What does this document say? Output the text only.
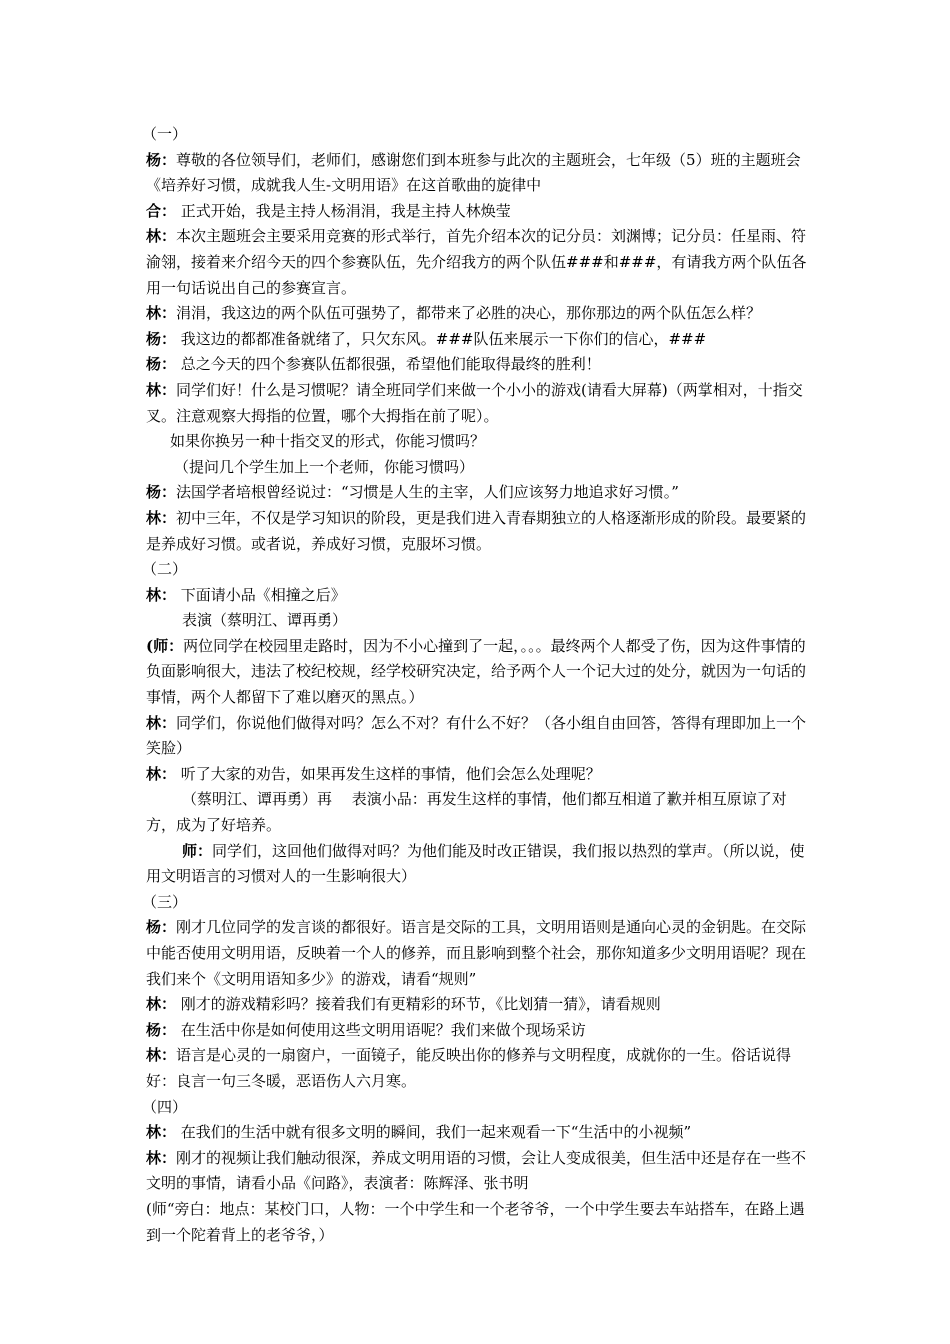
（一）

杨：尊敬的各位领导们，老师们，感谢您们到本班参与此次的主题班会，七年级（5）班的主题班会《培养好习惯，成就我人生-文明用语》在这首歌曲的旋律中

合： 正式开始，我是主持人杨涓涓，我是主持人林焕莹

林：本次主题班会主要采用竞赛的形式举行，首先介绍本次的记分员：刘渊博；记分员：任星雨、符渝翎，接着来介绍今天的四个参赛队伍，先介绍我方的两个队伍###和###，有请我方两个队伍各用一句话说出自己的参赛宣言。

林：涓涓，我这边的两个队伍可强势了，都带来了必胜的决心，那你那边的两个队伍怎么样？

杨： 我这边的都都准备就绪了，只欠东风。###队伍来展示一下你们的信心，###

杨： 总之今天的四个参赛队伍都很强，希望他们能取得最终的胜利！

林：同学们好！什么是习惯呢？请全班同学们来做一个小小的游戏(请看大屏幕)（两掌相对，十指交叉。注意观察大拇指的位置，哪个大拇指在前了呢）。

如果你换另一种十指交叉的形式，你能习惯吗？

（提问几个学生加上一个老师，你能习惯吗）

杨：法国学者培根曾经说过：“习惯是人生的主宰，人们应该努力地追求好习惯。”

林：初中三年，不仅是学习知识的阶段，更是我们进入青春期独立的人格逐渐形成的阶段。最要紧的是养成好习惯。或者说，养成好习惯，克服坏习惯。

（二）

林： 下面请小品《相撞之后》

表演（蔡明江、谭再勇）

(师：两位同学在校园里走路时，因为不小心撞到了一起，。。。最终两个人都受了伤，因为这件事情的负面影响很大，违法了校纪校规，经学校研究决定，给予两个人一个记大过的处分，就因为一句话的事情，两个人都留下了难以磨灭的黑点。）

林：同学们，你说他们做得对吗？怎么不对？有什么不好？（各小组自由回答，答得有理即加上一个笑脸）

林： 听了大家的劝告，如果再发生这样的事情，他们会怎么处理呢？

（蔡明江、谭再勇）再　 表演小品：再发生这样的事情，他们都互相道了歉并相互原谅了对方，成为了好培养。

师：同学们，这回他们做得对吗？为他们能及时改正错误，我们报以热烈的掌声。（所以说，使用文明语言的习惯对人的一生影响很大）

（三）

杨：刚才几位同学的发言谈的都很好。语言是交际的工具，文明用语则是通向心灵的金钥匙。在交际中能否使用文明用语，反映着一个人的修养，而且影响到整个社会，那你知道多少文明用语呢？现在我们来个《文明用语知多少》的游戏，请看“规则”

林： 刚才的游戏精彩吗？接着我们有更精彩的环节，《比划猜一猜》，请看规则

杨： 在生活中你是如何使用这些文明用语呢？我们来做个现场采访

林：语言是心灵的一扇窗户，一面镜子，能反映出你的修养与文明程度，成就你的一生。俗话说得好：良言一句三冬暖，恶语伤人六月寒。

（四）

林： 在我们的生活中就有很多文明的瞬间，我们一起来观看一下“生活中的小视频”

林：刚才的视频让我们触动很深，养成文明用语的习惯，会让人变成很美，但生活中还是存在一些不文明的事情，请看小品《问路》，表演者：陈辉泽、张书明

(师“旁白：地点：某校门口，人物：一个中学生和一个老爷爷，一个中学生要去车站搭车，在路上遇到一个陀着背上的老爷爷，）
